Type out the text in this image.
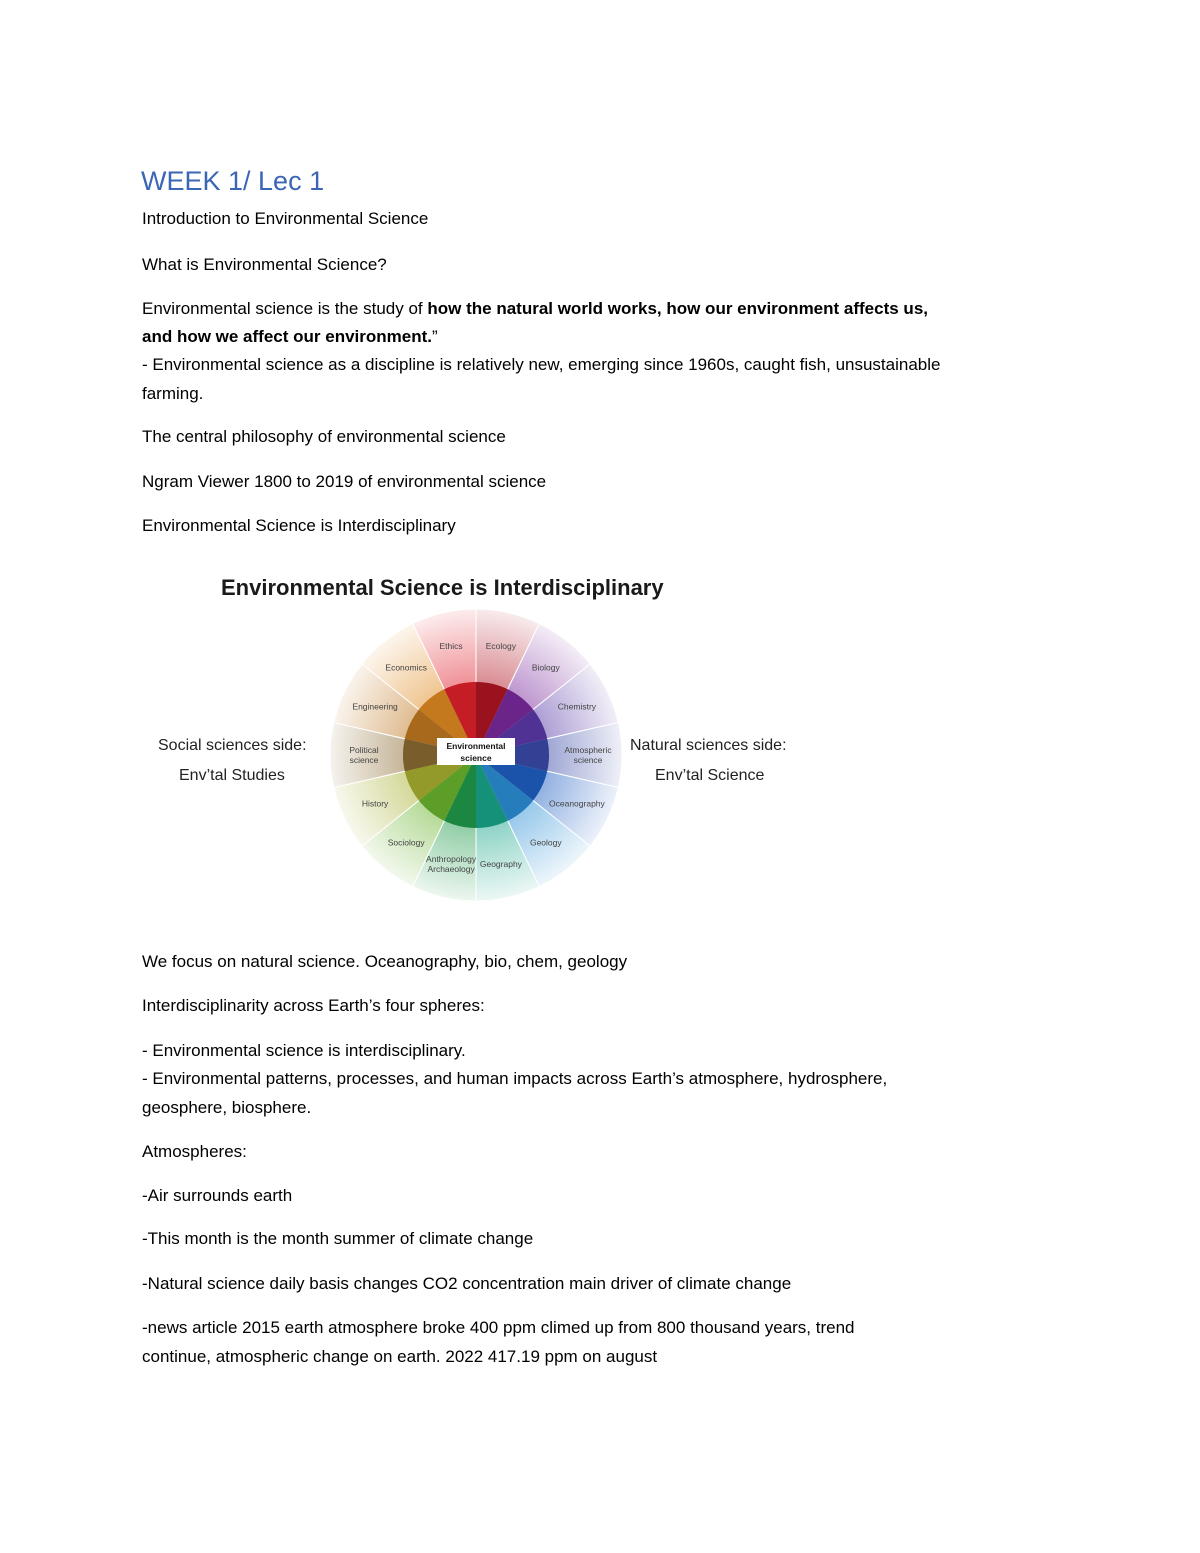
WEEK 1/ Lec 1

Introduction to Environmental Science

What is Environmental Science?

Environmental science is the study of how the natural world works, how our environment affects us,

and how we affect our environment.”

- Environmental science as a discipline is relatively new, emerging since 1960s, caught fish, unsustainable

farming.

The central philosophy of environmental science

Ngram Viewer 1800 to 2019 of environmental science

Environmental Science is Interdisciplinary

Environmental Science is Interdisciplinary
Ecology
Biology
Chemistry
Atmospheric science
Oceanography
Geology
Geography
Anthropology Archaeology
Sociology
History
Political science
Engineering
Economics
Ethics
Environmental
science
Social sciences side:
Env’tal Studies
Natural sciences side:
Env’tal Science

We focus on natural science. Oceanography, bio, chem, geology

Interdisciplinarity across Earth’s four spheres:

- Environmental science is interdisciplinary.

- Environmental patterns, processes, and human impacts across Earth’s atmosphere, hydrosphere,

geosphere, biosphere.

Atmospheres:

-Air surrounds earth

-This month is the month summer of climate change

-Natural science daily basis changes CO2 concentration main driver of climate change

-news article 2015 earth atmosphere broke 400 ppm climed up from 800 thousand years, trend

continue, atmospheric change on earth. 2022 417.19 ppm on august
